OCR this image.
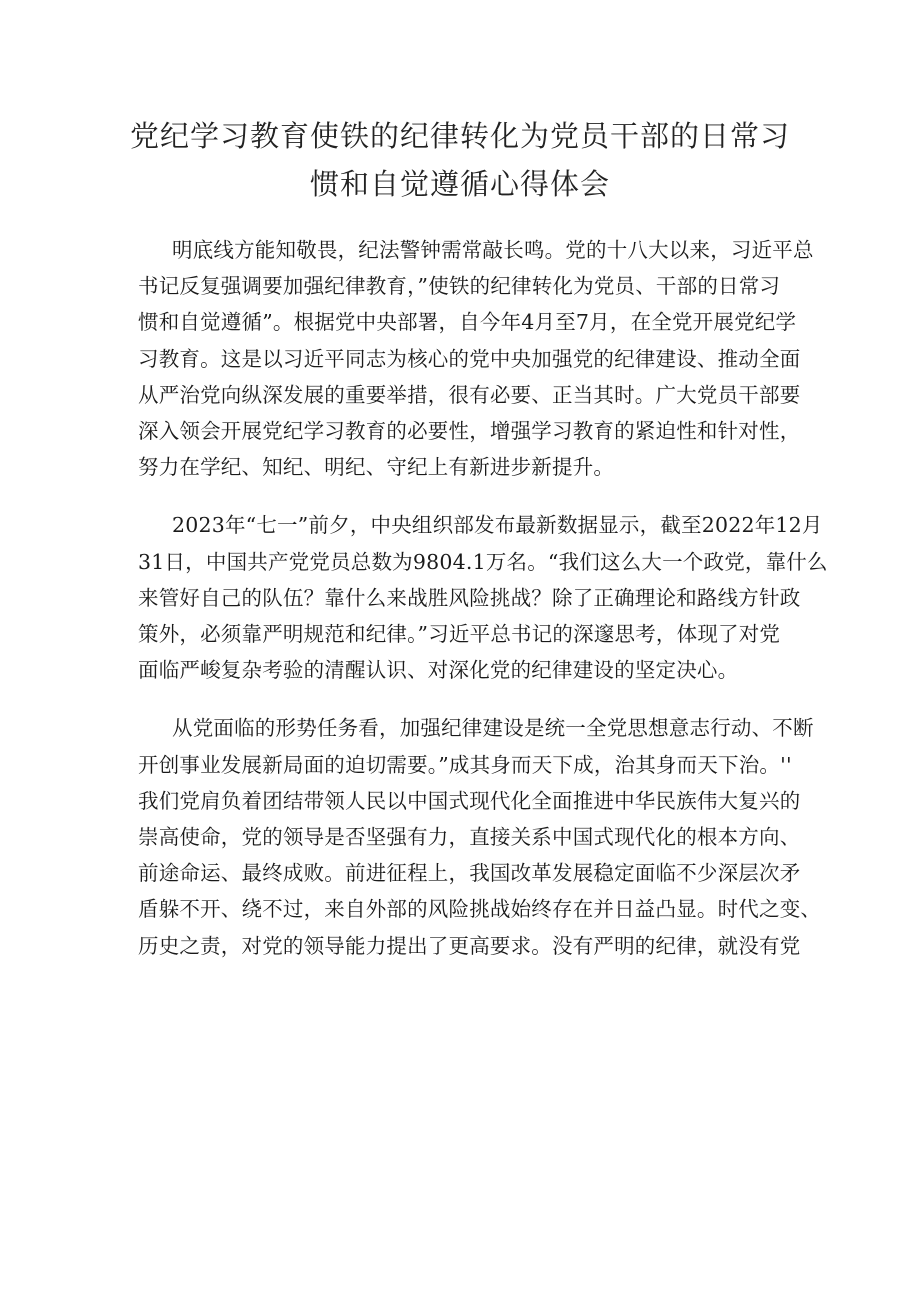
党纪学习教育使铁的纪律转化为党员干部的日常习
惯和自觉遵循心得体会
明底线方能知敬畏，纪法警钟需常敲长鸣。党的十八大以来，习近平总
书记反复强调要加强纪律教育，”使铁的纪律转化为党员、干部的日常习
惯和自觉遵循”。根据党中央部署，自今年4月至7月，在全党开展党纪学
习教育。这是以习近平同志为核心的党中央加强党的纪律建设、推动全面
从严治党向纵深发展的重要举措，很有必要、正当其时。广大党员干部要
深入领会开展党纪学习教育的必要性，增强学习教育的紧迫性和针对性，
努力在学纪、知纪、明纪、守纪上有新进步新提升。
2023年“七一”前夕，中央组织部发布最新数据显示，截至2022年12月
31日，中国共产党党员总数为9804.1万名。“我们这么大一个政党，靠什么
来管好自己的队伍？靠什么来战胜风险挑战？除了正确理论和路线方针政
策外，必须靠严明规范和纪律。”习近平总书记的深邃思考，体现了对党
面临严峻复杂考验的清醒认识、对深化党的纪律建设的坚定决心。
从党面临的形势任务看，加强纪律建设是统一全党思想意志行动、不断
开创事业发展新局面的迫切需要。”成其身而天下成，治其身而天下治。''
我们党肩负着团结带领人民以中国式现代化全面推进中华民族伟大复兴的
崇高使命，党的领导是否坚强有力，直接关系中国式现代化的根本方向、
前途命运、最终成败。前进征程上，我国改革发展稳定面临不少深层次矛
盾躲不开、绕不过，来自外部的风险挑战始终存在并日益凸显。时代之变、
历史之责，对党的领导能力提出了更高要求。没有严明的纪律，就没有党
